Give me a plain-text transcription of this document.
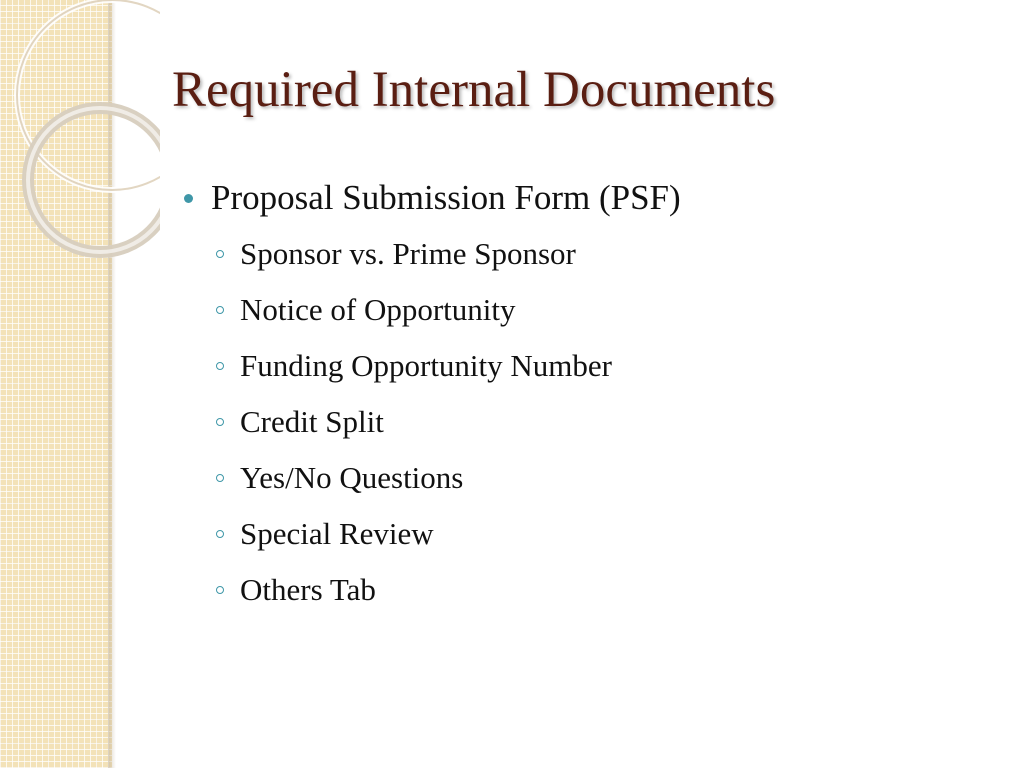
Required Internal Documents
Proposal Submission Form (PSF)
Sponsor vs. Prime Sponsor
Notice of Opportunity
Funding Opportunity Number
Credit Split
Yes/No Questions
Special Review
Others Tab
